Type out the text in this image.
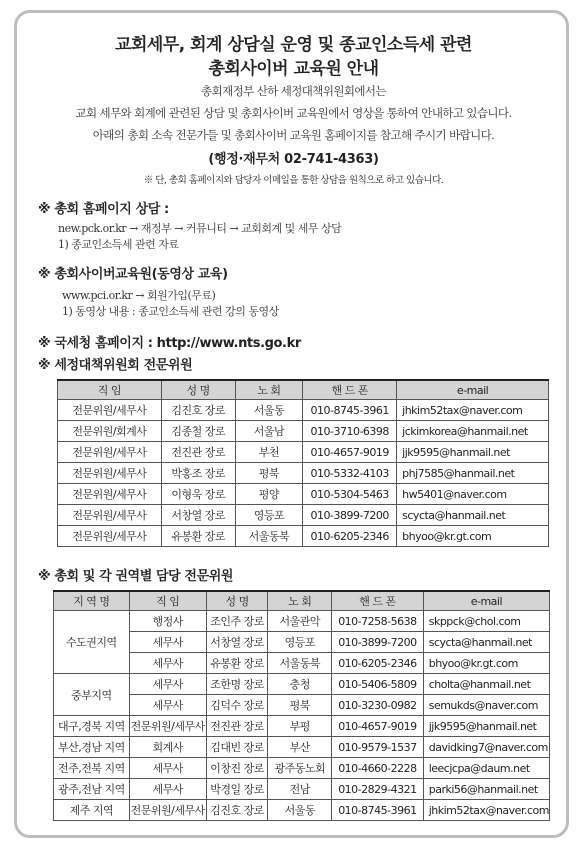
교회세무, 회계 상담실 운영 및 종교인소득세 관련
총회사이버 교육원 안내
총회재정부 산하 세정대책위원회에서는
교회 세무와 회계에 관련된 상담 및 총회사이버 교육원에서 영상을 통하여 안내하고 있습니다.
아래의 총회 소속 전문가들 및 총회사이버 교육원 홈페이지를 참고해 주시기 바랍니다.
(행정·재무처 02-741-4363)
※ 단, 총회 홈페이지와 담당자 이메일을 통한 상담을 원칙으로 하고 있습니다.
※ 총회 홈페이지 상담 :
new.pck.or.kr → 재정부 → 커뮤니티 → 교회회계 및 세무 상담
1) 종교인소득세 관련 자료
※ 총회사이버교육원(동영상 교육)
www.pci.or.kr → 회원가입(무료)
1) 동영상 내용 : 종교인소득세 관련 강의 동영상
※ 국세청 홈페이지 : http://www.nts.go.kr
※ 세정대책위원회 전문위원
직 임	성 명	노 회	핸 드 폰	e-mail
전문위원/세무사	김진호 장로	서울동	010-8745-3961	jhkim52tax@naver.com
전문위원/회계사	김종철 장로	서울남	010-3710-6398	jckimkorea@hanmail.net
전문위원/세무사	전진관 장로	부천	010-4657-9019	jjk9595@hanmail.net
전문위원/세무사	박홍조 장로	평북	010-5332-4103	phj7585@hanmail.net
전문위원/세무사	이형욱 장로	평양	010-5304-5463	hw5401@naver.com
전문위원/세무사	서창열 장로	영등포	010-3899-7200	scycta@hanmail.net
전문위원/세무사	유봉환 장로	서울동북	010-6205-2346	bhyoo@kr.gt.com
※ 총회 및 각 권역별 담당 전문위원
지 역 명	직 임	성 명	노 회	핸 드 폰	e-mail
수도권지역	행정사	조인주 장로	서울관악	010-7258-5638	skppck@chol.com
	세무사	서창열 장로	영등포	010-3899-7200	scycta@hanmail.net
	세무사	유봉환 장로	서울동북	010-6205-2346	bhyoo@kr.gt.com
중부지역	세무사	조한명 장로	충청	010-5406-5809	cholta@hanmail.net
	세무사	김덕수 장로	평북	010-3230-0982	semukds@naver.com
대구,경북 지역	전문위원/세무사	전진관 장로	부평	010-4657-9019	jjk9595@hanmail.net
부산,경남 지역	회계사	김대빈 장로	부산	010-9579-1537	davidking7@naver.com
전주,전북 지역	세무사	이창진 장로	광주동노회	010-4660-2228	leecjcpa@daum.net
광주,전남 지역	세무사	박경일 장로	전남	010-2829-4321	parki56@hanmail.net
제주 지역	전문위원/세무사	김진호 장로	서울동	010-8745-3961	jhkim52tax@naver.com
